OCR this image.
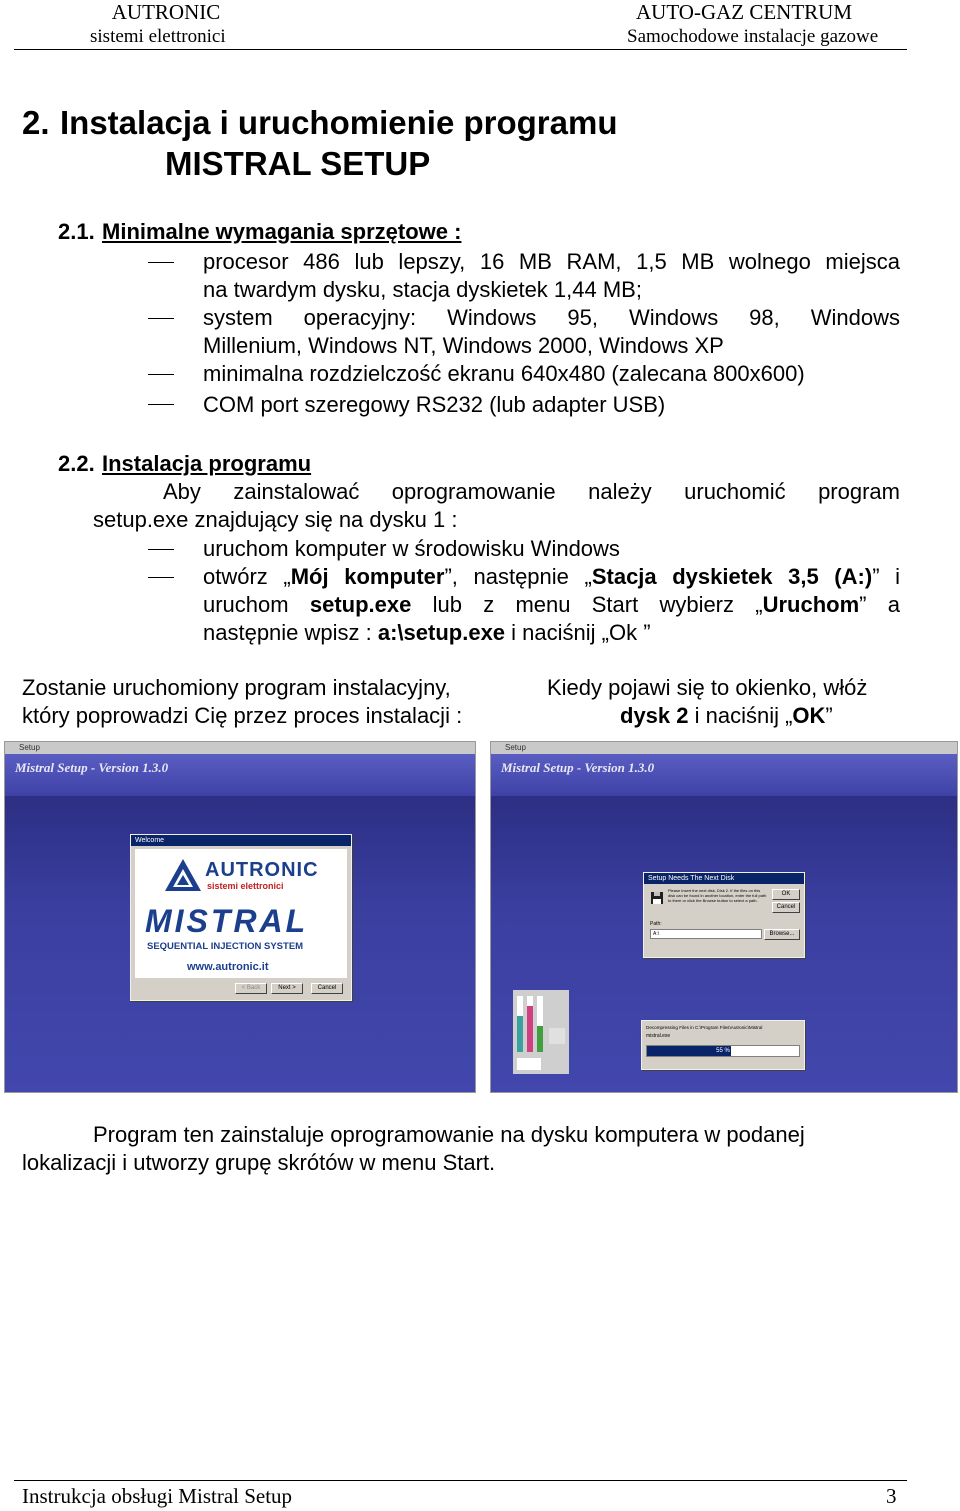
AUTRONIC
sistemi elettronici
AUTO-GAZ CENTRUM
Samochodowe instalacje gazowe
2. Instalacja i uruchomienie programu
MISTRAL SETUP
2.1. Minimalne wymagania sprzętowe :
procesor 486 lub lepszy, 16 MB RAM, 1,5 MB wolnego miejsca
na twardym dysku, stacja dyskietek 1,44 MB;
system operacyjny: Windows 95, Windows 98, Windows
Millenium, Windows NT, Windows 2000, Windows XP
minimalna rozdzielczość ekranu 640x480 (zalecana 800x600)
COM port szeregowy RS232 (lub adapter USB)
2.2. Instalacja programu
Aby zainstalować oprogramowanie należy uruchomić program
setup.exe znajdujący się na dysku 1 :
uruchom komputer w środowisku Windows
otwórz „Mój komputer”, następnie „Stacja dyskietek 3,5 (A:)” i
uruchom setup.exe lub z menu Start wybierz „Uruchom” a
następnie wpisz : a:\setup.exe i naciśnij „Ok ”
Zostanie uruchomiony program instalacyjny,
który poprowadzi Cię przez proces instalacji :
Kiedy pojawi się to okienko, włóż
dysk 2 i naciśnij „OK”
Setup
Mistral Setup - Version 1.3.0
Welcome
AUTRONIC
sistemi elettronici
MISTRAL
SEQUENTIAL INJECTION SYSTEM
www.autronic.it
< Back	Next >	Cancel
Setup
Mistral Setup - Version 1.3.0
Setup Needs The Next Disk
Please insert the next disk, Disk 2. If the files on this disk can be found in another location, enter the full path to them or click the Browse button to select a path.
OK
Cancel
Path:
A:\	Browse...
Decompressing Files in C:\Program Files\Autronic\Mistral
mistral.exe
55 %
Program ten zainstaluje oprogramowanie na dysku komputera w podanej
lokalizacji i utworzy grupę skrótów w menu Start.
Instrukcja obsługi Mistral Setup	3
